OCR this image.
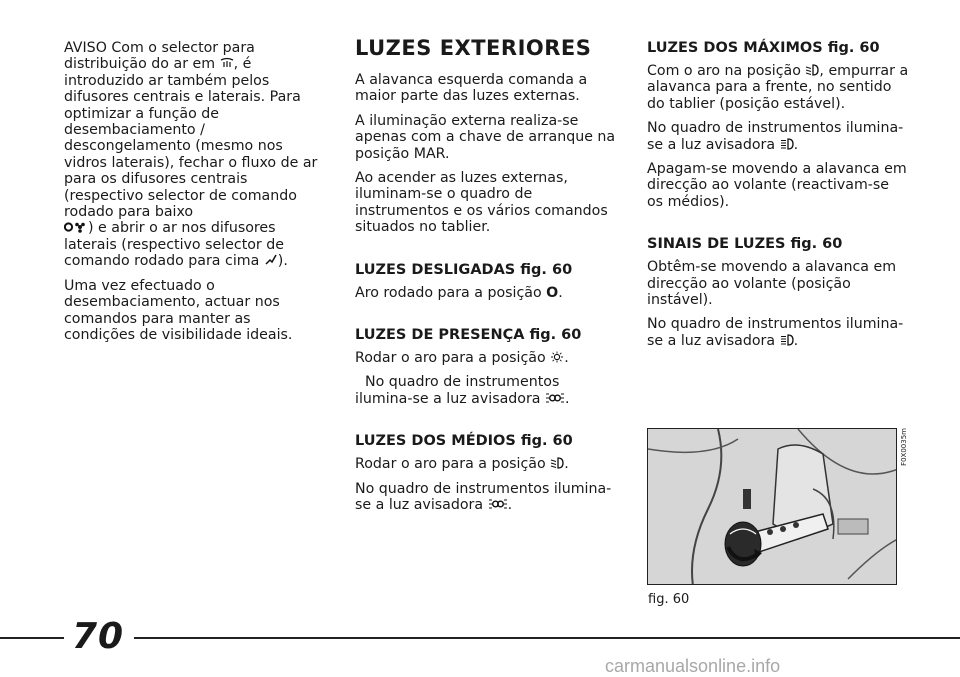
AVISO Com o selector para distribuição do ar em , é introduzido ar também pelos difusores centrais e laterais. Para optimizar a função de desembaciamento / descongelamento (mesmo nos vidros laterais), fechar o fluxo de ar para os difusores centrais (respectivo selector de comando rodado para baixo
) e abrir o ar nos difusores laterais (respectivo selector de comando rodado para cima ).

Uma vez efectuado o desembaciamento, actuar nos comandos para manter as condições de visibilidade ideais.

LUZES EXTERIORES

A alavanca esquerda comanda a maior parte das luzes externas.

A iluminação externa realiza-se apenas com a chave de arranque na posição MAR.

Ao acender as luzes externas, iluminam-se o quadro de instrumentos e os vários comandos situados no tablier.

LUZES DESLIGADAS fig. 60

Aro rodado para a posição O.

LUZES DE PRESENÇA fig. 60

Rodar o aro para a posição .

No quadro de instrumentos ilumina-se a luz avisadora .

LUZES DOS MÉDIOS fig. 60

Rodar o aro para a posição .

No quadro de instrumentos ilumina-se a luz avisadora .

LUZES DOS MÁXIMOS fig. 60

Com o aro na posição , empurrar a alavanca para a frente, no sentido do tablier (posição estável).

No quadro de instrumentos ilumina-se a luz avisadora .

Apagam-se movendo a alavanca em direcção ao volante (reactivam-se os médios).

SINAIS DE LUZES fig. 60

Obtêm-se movendo a alavanca em direcção ao volante (posição instável).

No quadro de instrumentos ilumina-se a luz avisadora .

F0X0035m
fig. 60
70
carmanualsonline.info
